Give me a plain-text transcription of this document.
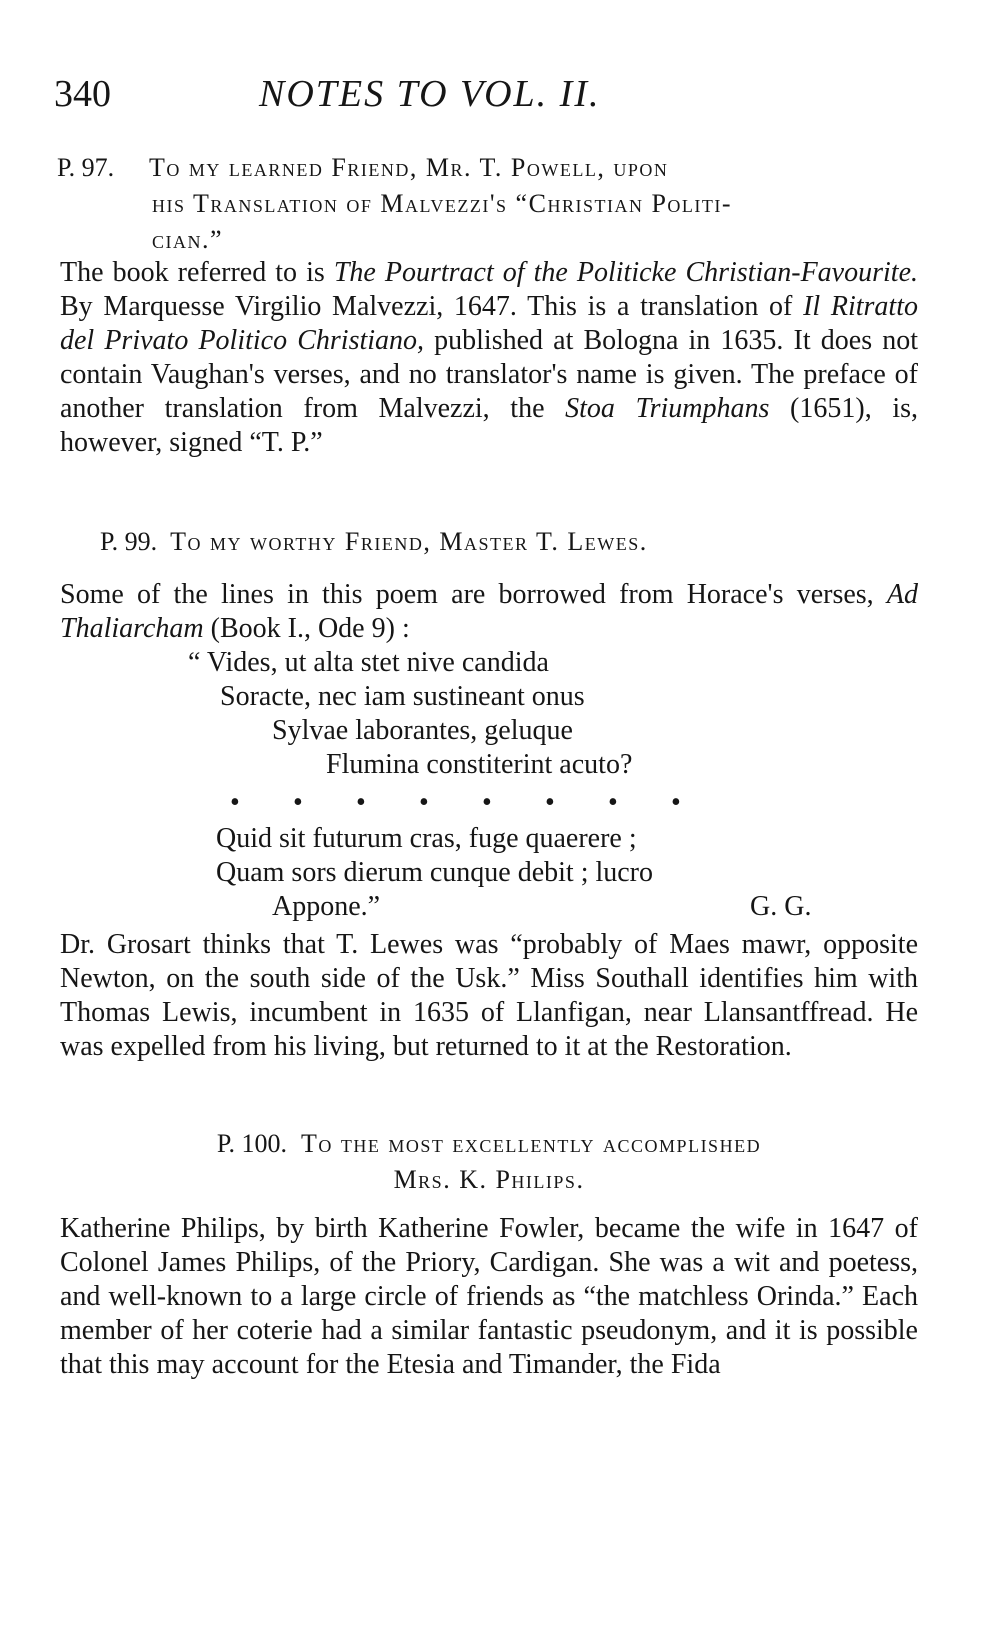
340	NOTES TO VOL. II.
P. 97. To my learned Friend, Mr. T. Powell, upon
his Translation of Malvezzi's “Christian Politi-
cian.”
The book referred to is The Pourtract of the Politicke Christian-Favourite. By Marquesse Virgilio Malvezzi, 1647. This is a translation of Il Ritratto del Privato Politico Christiano, published at Bologna in 1635. It does not contain Vaughan's verses, and no translator's name is given. The preface of another translation from Malvezzi, the Stoa Triumphans (1651), is, however, signed “T. P.”
P. 99. To my worthy Friend, Master T. Lewes.
Some of the lines in this poem are borrowed from Horace's verses, Ad Thaliarcham (Book I., Ode 9) :
“ Vides, ut alta stet nive candida
Soracte, nec iam sustineant onus
Sylvae laborantes, geluque
Flumina constiterint acuto?
• • • • • • • •
Quid sit futurum cras, fuge quaerere ;
Quam sors dierum cunque debit ; lucro
Appone.”	G. G.
Dr. Grosart thinks that T. Lewes was “probably of Maes mawr, opposite Newton, on the south side of the Usk.” Miss Southall identifies him with Thomas Lewis, incumbent in 1635 of Llanfigan, near Llansantffread. He was expelled from his living, but returned to it at the Restoration.
P. 100. To the most excellently accomplished
Mrs. K. Philips.
Katherine Philips, by birth Katherine Fowler, became the wife in 1647 of Colonel James Philips, of the Priory, Cardigan. She was a wit and poetess, and well-known to a large circle of friends as “the matchless Orinda.” Each member of her coterie had a similar fantastic pseudonym, and it is possible that this may account for the Etesia and Timander, the Fida
